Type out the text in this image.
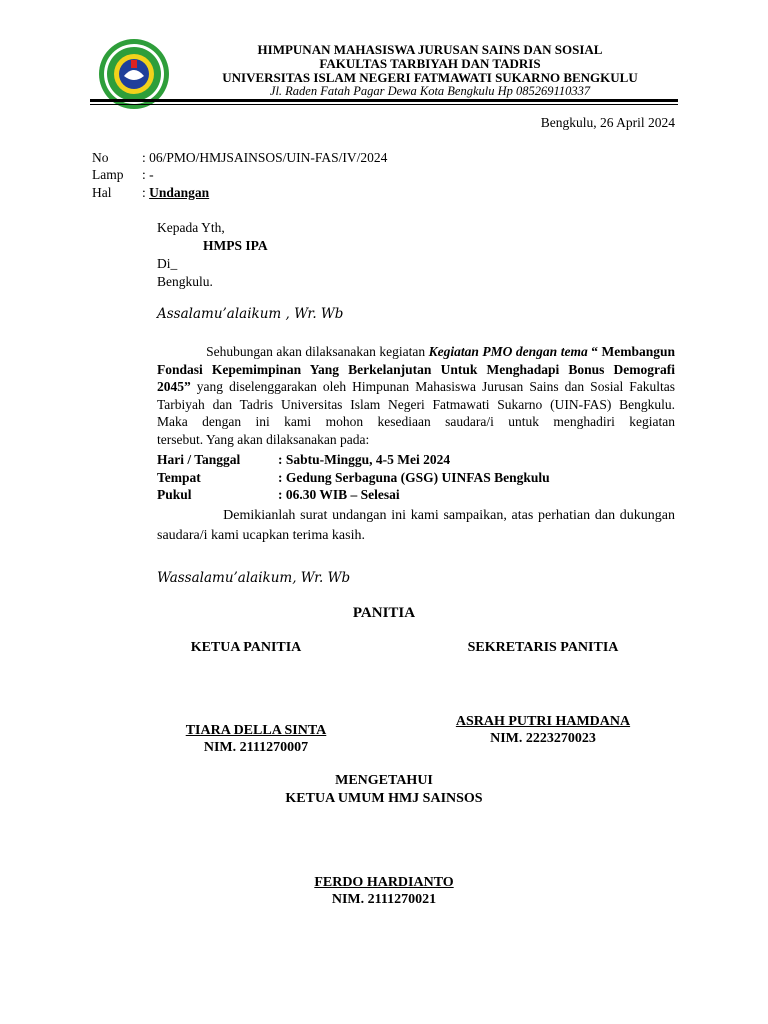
HIMPUNAN MAHASISWA JURUSAN SAINS DAN SOSIAL
FAKULTAS TARBIYAH DAN TADRIS
UNIVERSITAS ISLAM NEGERI FATMAWATI SUKARNO BENGKULU
Jl. Raden Fatah Pagar Dewa Kota Bengkulu Hp 085269110337
Bengkulu, 26 April 2024
No : 06/PMO/HMJSAINSOS/UIN-FAS/IV/2024
Lamp : -
Hal : Undangan
Kepada Yth,
HMPS IPA
Di_
Bengkulu.
Assalamu’alaikum , Wr. Wb
Sehubungan akan dilaksanakan kegiatan Kegiatan PMO dengan tema “ Membangun
Fondasi Kepemimpinan Yang Berkelanjutan Untuk Menghadapi Bonus Demografi
2045” yang diselenggarakan oleh Himpunan Mahasiswa Jurusan Sains dan Sosial Fakultas
Tarbiyah dan Tadris Universitas Islam Negeri Fatmawati Sukarno (UIN-FAS) Bengkulu.
Maka dengan ini kami mohon kesediaan saudara/i untuk menghadiri kegiatan
tersebut. Yang akan dilaksanakan pada:
Hari / Tanggal	: Sabtu-Minggu, 4-5 Mei 2024
Tempat	: Gedung Serbaguna (GSG) UINFAS Bengkulu
Pukul	: 06.30 WIB – Selesai
Demikianlah surat undangan ini kami sampaikan, atas perhatian dan dukungan
saudara/i kami ucapkan terima kasih.
Wassalamu’alaikum, Wr. Wb
PANITIA
KETUA PANITIA	SEKRETARIS PANITIA
TIARA DELLA SINTA
NIM. 2111270007
ASRAH PUTRI HAMDANA
NIM. 2223270023
MENGETAHUI
KETUA UMUM HMJ SAINSOS
FERDO HARDIANTO
NIM. 2111270021
